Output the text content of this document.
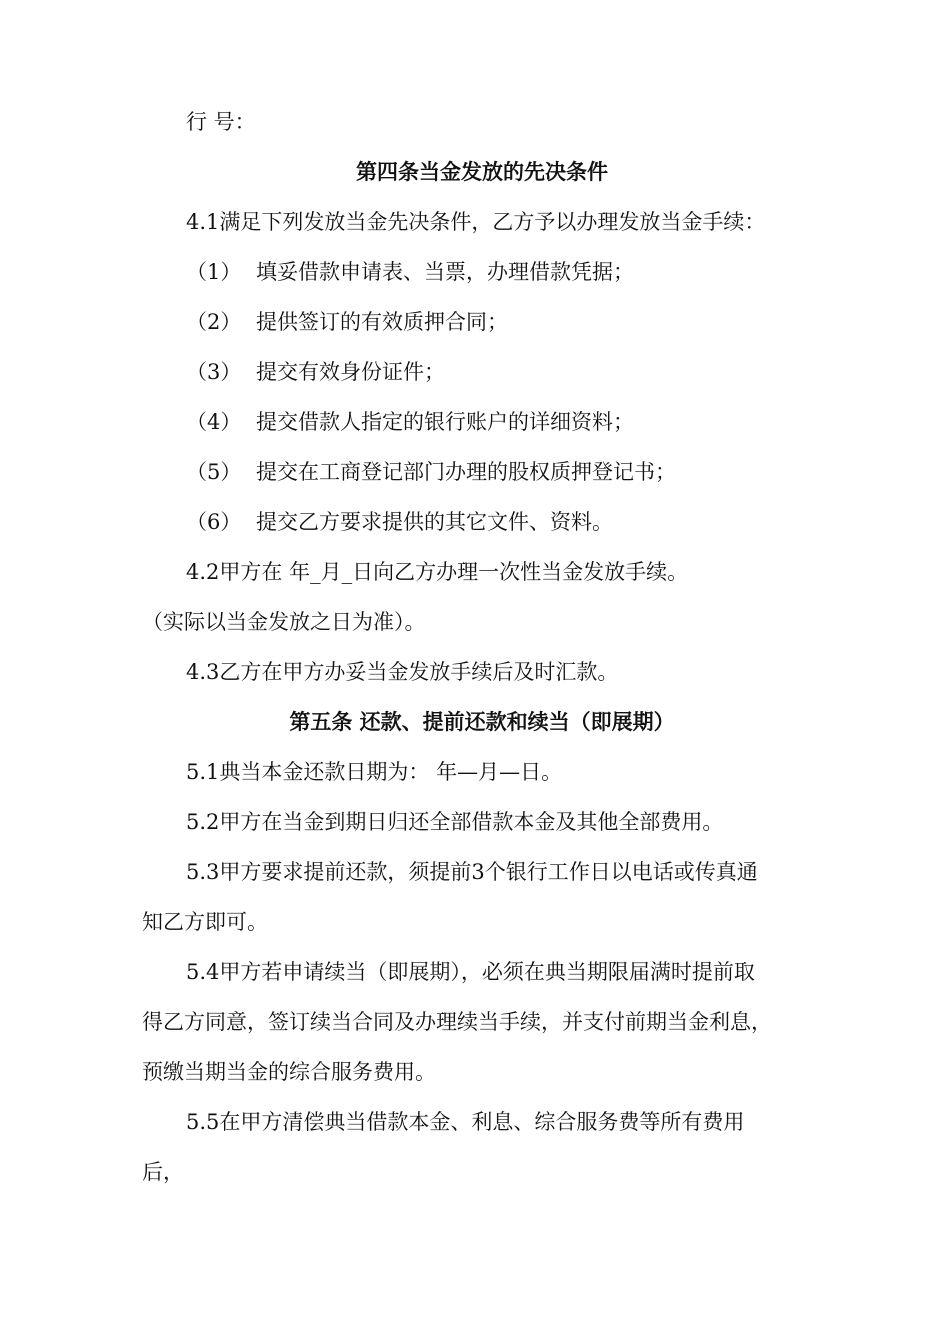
行 号：
第四条当金发放的先决条件
4.1满足下列发放当金先决条件，乙方予以办理发放当金手续：
（1） 填妥借款申请表、当票，办理借款凭据；
（2） 提供签订的有效质押合同；
（3） 提交有效身份证件；
（4） 提交借款人指定的银行账户的详细资料；
（5） 提交在工商登记部门办理的股权质押登记书；
（6） 提交乙方要求提供的其它文件、资料。
4.2甲方在 年_月_日向乙方办理一次性当金发放手续。
（实际以当金发放之日为准）。
4.3乙方在甲方办妥当金发放手续后及时汇款。
第五条 还款、提前还款和续当（即展期）
5.1典当本金还款日期为： 年—月—日。
5.2甲方在当金到期日归还全部借款本金及其他全部费用。
5.3甲方要求提前还款，须提前3个银行工作日以电话或传真通
知乙方即可。
5.4甲方若申请续当（即展期），必须在典当期限届满时提前取
得乙方同意，签订续当合同及办理续当手续，并支付前期当金利息，
预缴当期当金的综合服务费用。
5.5在甲方清偿典当借款本金、利息、综合服务费等所有费用
后，
